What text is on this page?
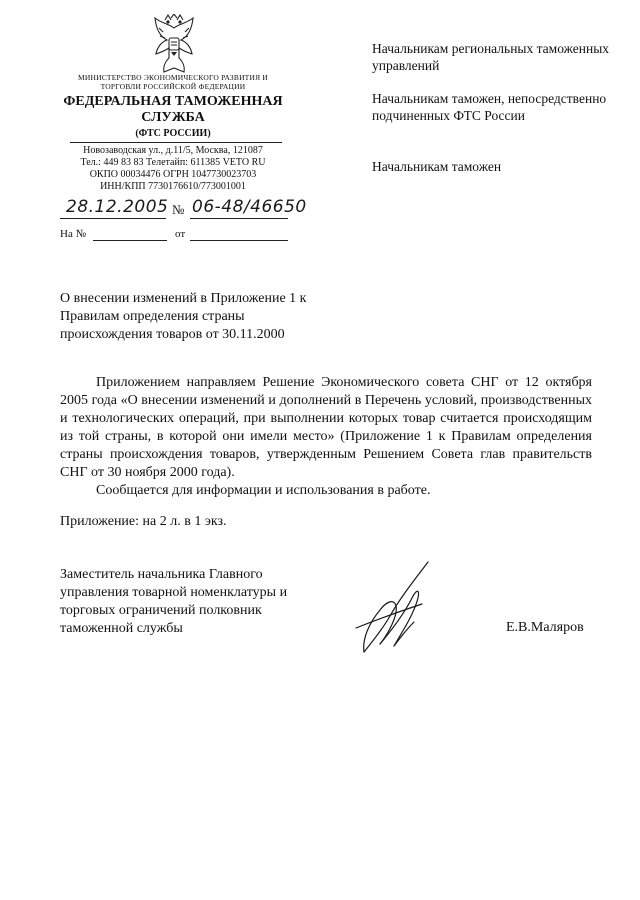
МИНИСТЕРСТВО ЭКОНОМИЧЕСКОГО РАЗВИТИЯ И ТОРГОВЛИ РОССИЙСКОЙ ФЕДЕРАЦИИ
ФЕДЕРАЛЬНАЯ ТАМОЖЕННАЯ СЛУЖБА
(ФТС РОССИИ)
Новозаводская ул., д.11/5, Москва, 121087
Тел.: 449 83 83 Телетайп: 611385 VETO RU
ОКПО 00034476 ОГРН 1047730023703
ИНН/КПП 7730176610/773001001
28.12.2005 № 06-48/46650
На №	от
Начальникам региональных таможенных управлений
Начальникам таможен, непосредственно подчиненных ФТС России
Начальникам таможен
О внесении изменений в Приложение 1 к Правилам определения страны происхождения товаров от 30.11.2000

Приложением направляем Решение Экономического совета СНГ от 12 октября 2005 года «О внесении изменений и дополнений в Перечень условий, производственных и технологических операций, при выполнении которых товар считается происходящим из той страны, в которой они имели место» (Приложение 1 к Правилам определения страны происхождения товаров, утвержденным Решением Совета глав правительств СНГ от 30 ноября 2000 года).

Сообщается для информации и использования в работе.

Приложение: на 2 л. в 1 экз.
Заместитель начальника Главного управления товарной номенклатуры и торговых ограничений полковник таможенной службы	Е.В.Маляров
